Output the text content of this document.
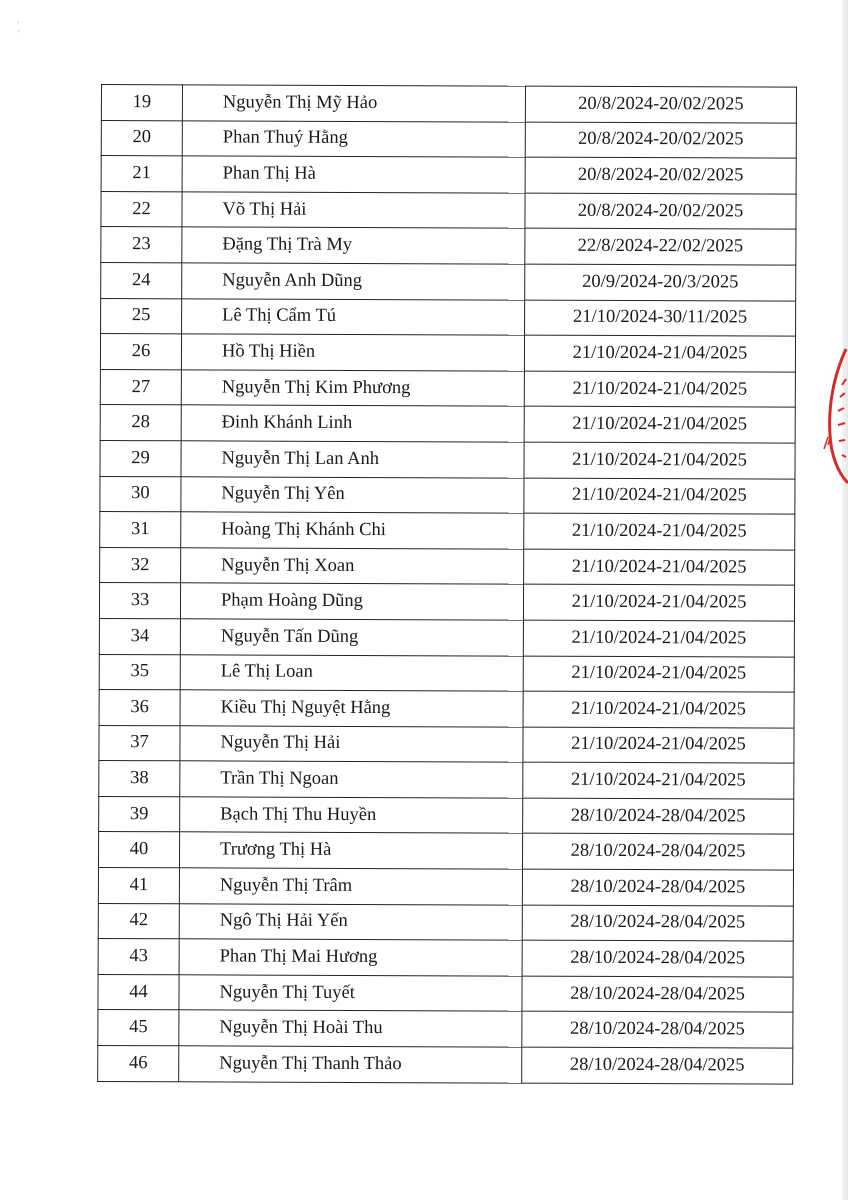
' '
19	Nguyễn Thị Mỹ Hảo	20/8/2024-20/02/2025
20	Phan Thuý Hằng	20/8/2024-20/02/2025
21	Phan Thị Hà	20/8/2024-20/02/2025
22	Võ Thị Hải	20/8/2024-20/02/2025
23	Đặng Thị Trà My	22/8/2024-22/02/2025
24	Nguyễn Anh Dũng	20/9/2024-20/3/2025
25	Lê Thị Cẩm Tú	21/10/2024-30/11/2025
26	Hồ Thị Hiền	21/10/2024-21/04/2025
27	Nguyễn Thị Kim Phương	21/10/2024-21/04/2025
28	Đinh Khánh Linh	21/10/2024-21/04/2025
29	Nguyễn Thị Lan Anh	21/10/2024-21/04/2025
30	Nguyễn Thị Yên	21/10/2024-21/04/2025
31	Hoàng Thị Khánh Chi	21/10/2024-21/04/2025
32	Nguyễn Thị Xoan	21/10/2024-21/04/2025
33	Phạm Hoàng Dũng	21/10/2024-21/04/2025
34	Nguyễn Tấn Dũng	21/10/2024-21/04/2025
35	Lê Thị Loan	21/10/2024-21/04/2025
36	Kiều Thị Nguyệt Hằng	21/10/2024-21/04/2025
37	Nguyễn Thị Hải	21/10/2024-21/04/2025
38	Trần Thị Ngoan	21/10/2024-21/04/2025
39	Bạch Thị Thu Huyền	28/10/2024-28/04/2025
40	Trương Thị Hà	28/10/2024-28/04/2025
41	Nguyễn Thị Trâm	28/10/2024-28/04/2025
42	Ngô Thị Hải Yến	28/10/2024-28/04/2025
43	Phan Thị Mai Hương	28/10/2024-28/04/2025
44	Nguyễn Thị Tuyết	28/10/2024-28/04/2025
45	Nguyễn Thị Hoài Thu	28/10/2024-28/04/2025
46	Nguyễn Thị Thanh Thảo	28/10/2024-28/04/2025
